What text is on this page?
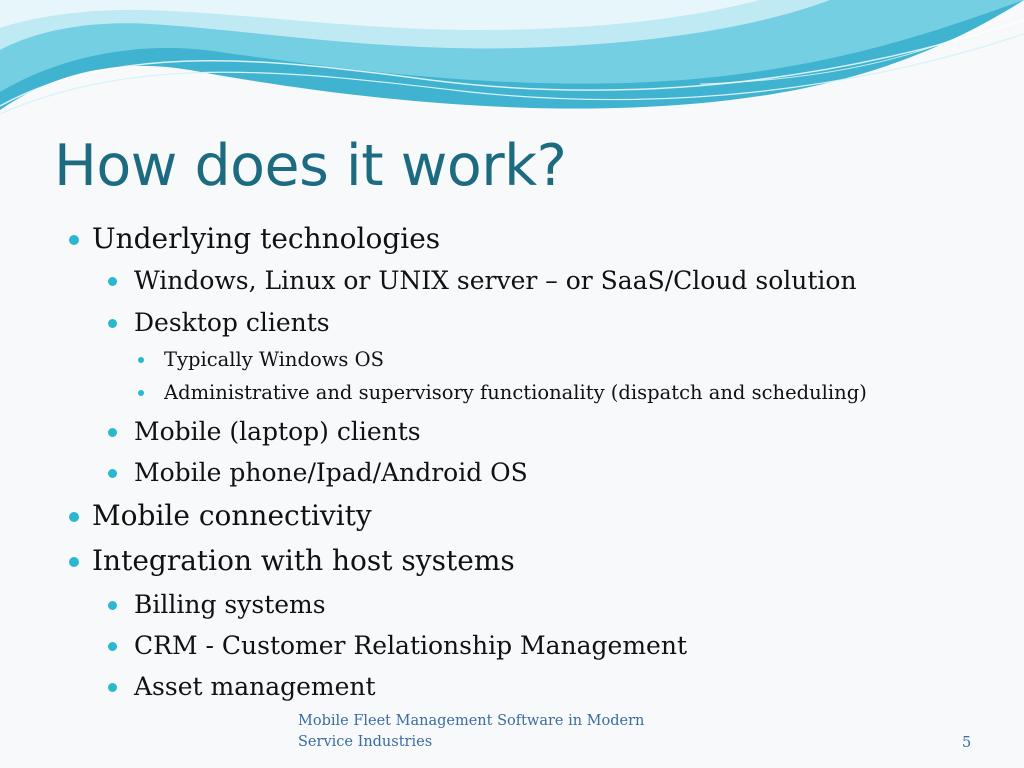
How does it work?
Underlying technologies
Windows, Linux or UNIX server – or SaaS/Cloud solution
Desktop clients
Typically Windows OS
Administrative and supervisory functionality (dispatch and scheduling)
Mobile (laptop) clients
Mobile phone/Ipad/Android OS
Mobile connectivity
Integration with host systems
Billing systems
CRM - Customer Relationship Management
Asset management
Mobile Fleet Management Software in Modern
Service Industries	5
